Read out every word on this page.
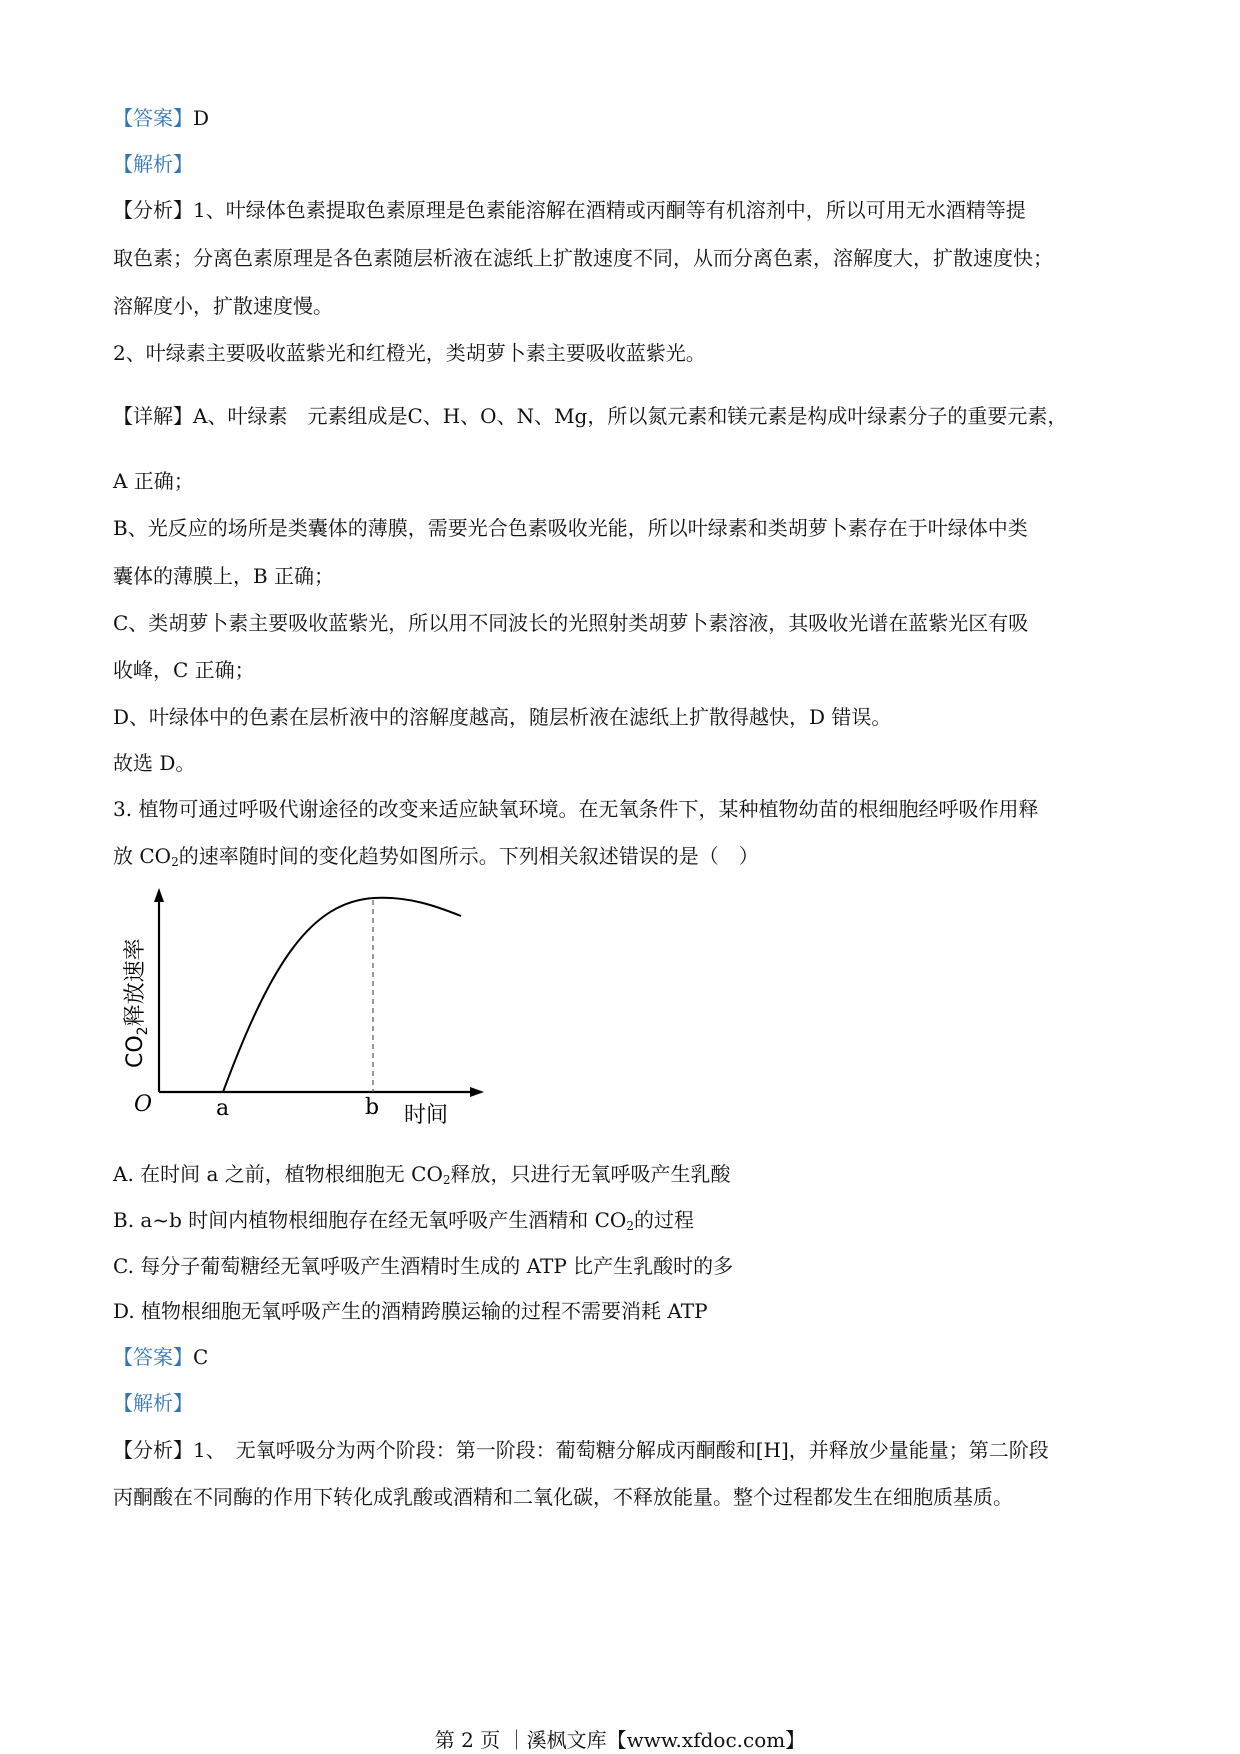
【答案】D
【解析】
【分析】1、叶绿体色素提取色素原理是色素能溶解在酒精或丙酮等有机溶剂中，所以可用无水酒精等提
取色素；分离色素原理是各色素随层析液在滤纸上扩散速度不同，从而分离色素，溶解度大，扩散速度快；
溶解度小，扩散速度慢。
2、叶绿素主要吸收蓝紫光和红橙光，类胡萝卜素主要吸收蓝紫光。
【详解】A、叶绿素　元素组成是C、H、O、N、Mg，所以氮元素和镁元素是构成叶绿素分子的重要元素，
A 正确；
B、光反应的场所是类囊体的薄膜，需要光合色素吸收光能，所以叶绿素和类胡萝卜素存在于叶绿体中类
囊体的薄膜上，B 正确；
C、类胡萝卜素主要吸收蓝紫光，所以用不同波长的光照射类胡萝卜素溶液，其吸收光谱在蓝紫光区有吸
收峰，C 正确；
D、叶绿体中的色素在层析液中的溶解度越高，随层析液在滤纸上扩散得越快，D 错误。
故选 D。
3. 植物可通过呼吸代谢途径的改变来适应缺氧环境。在无氧条件下，某种植物幼苗的根细胞经呼吸作用释
放 $CO_2$的速率随时间的变化趋势如图所示。下列相关叙述错误的是（　）
O	a	b 时间
$CO_2$释放速率
A. 在时间 a 之前，植物根细胞无 $CO_2$释放，只进行无氧呼吸产生乳酸
B. a~b 时间内植物根细胞存在经无氧呼吸产生酒精和 $CO_2$的过程
C. 每分子葡萄糖经无氧呼吸产生酒精时生成的 ATP 比产生乳酸时的多
D. 植物根细胞无氧呼吸产生的酒精跨膜运输的过程不需要消耗 ATP
【答案】C
【解析】
【分析】1、　无氧呼吸分为两个阶段：第一阶段：葡萄糖分解成丙酮酸和[H]，并释放少量能量；第二阶段
丙酮酸在不同酶的作用下转化成乳酸或酒精和二氧化碳，不释放能量。整个过程都发生在细胞质基质。
第 2 页 ｜溪枫文库【www.xfdoc.com】
